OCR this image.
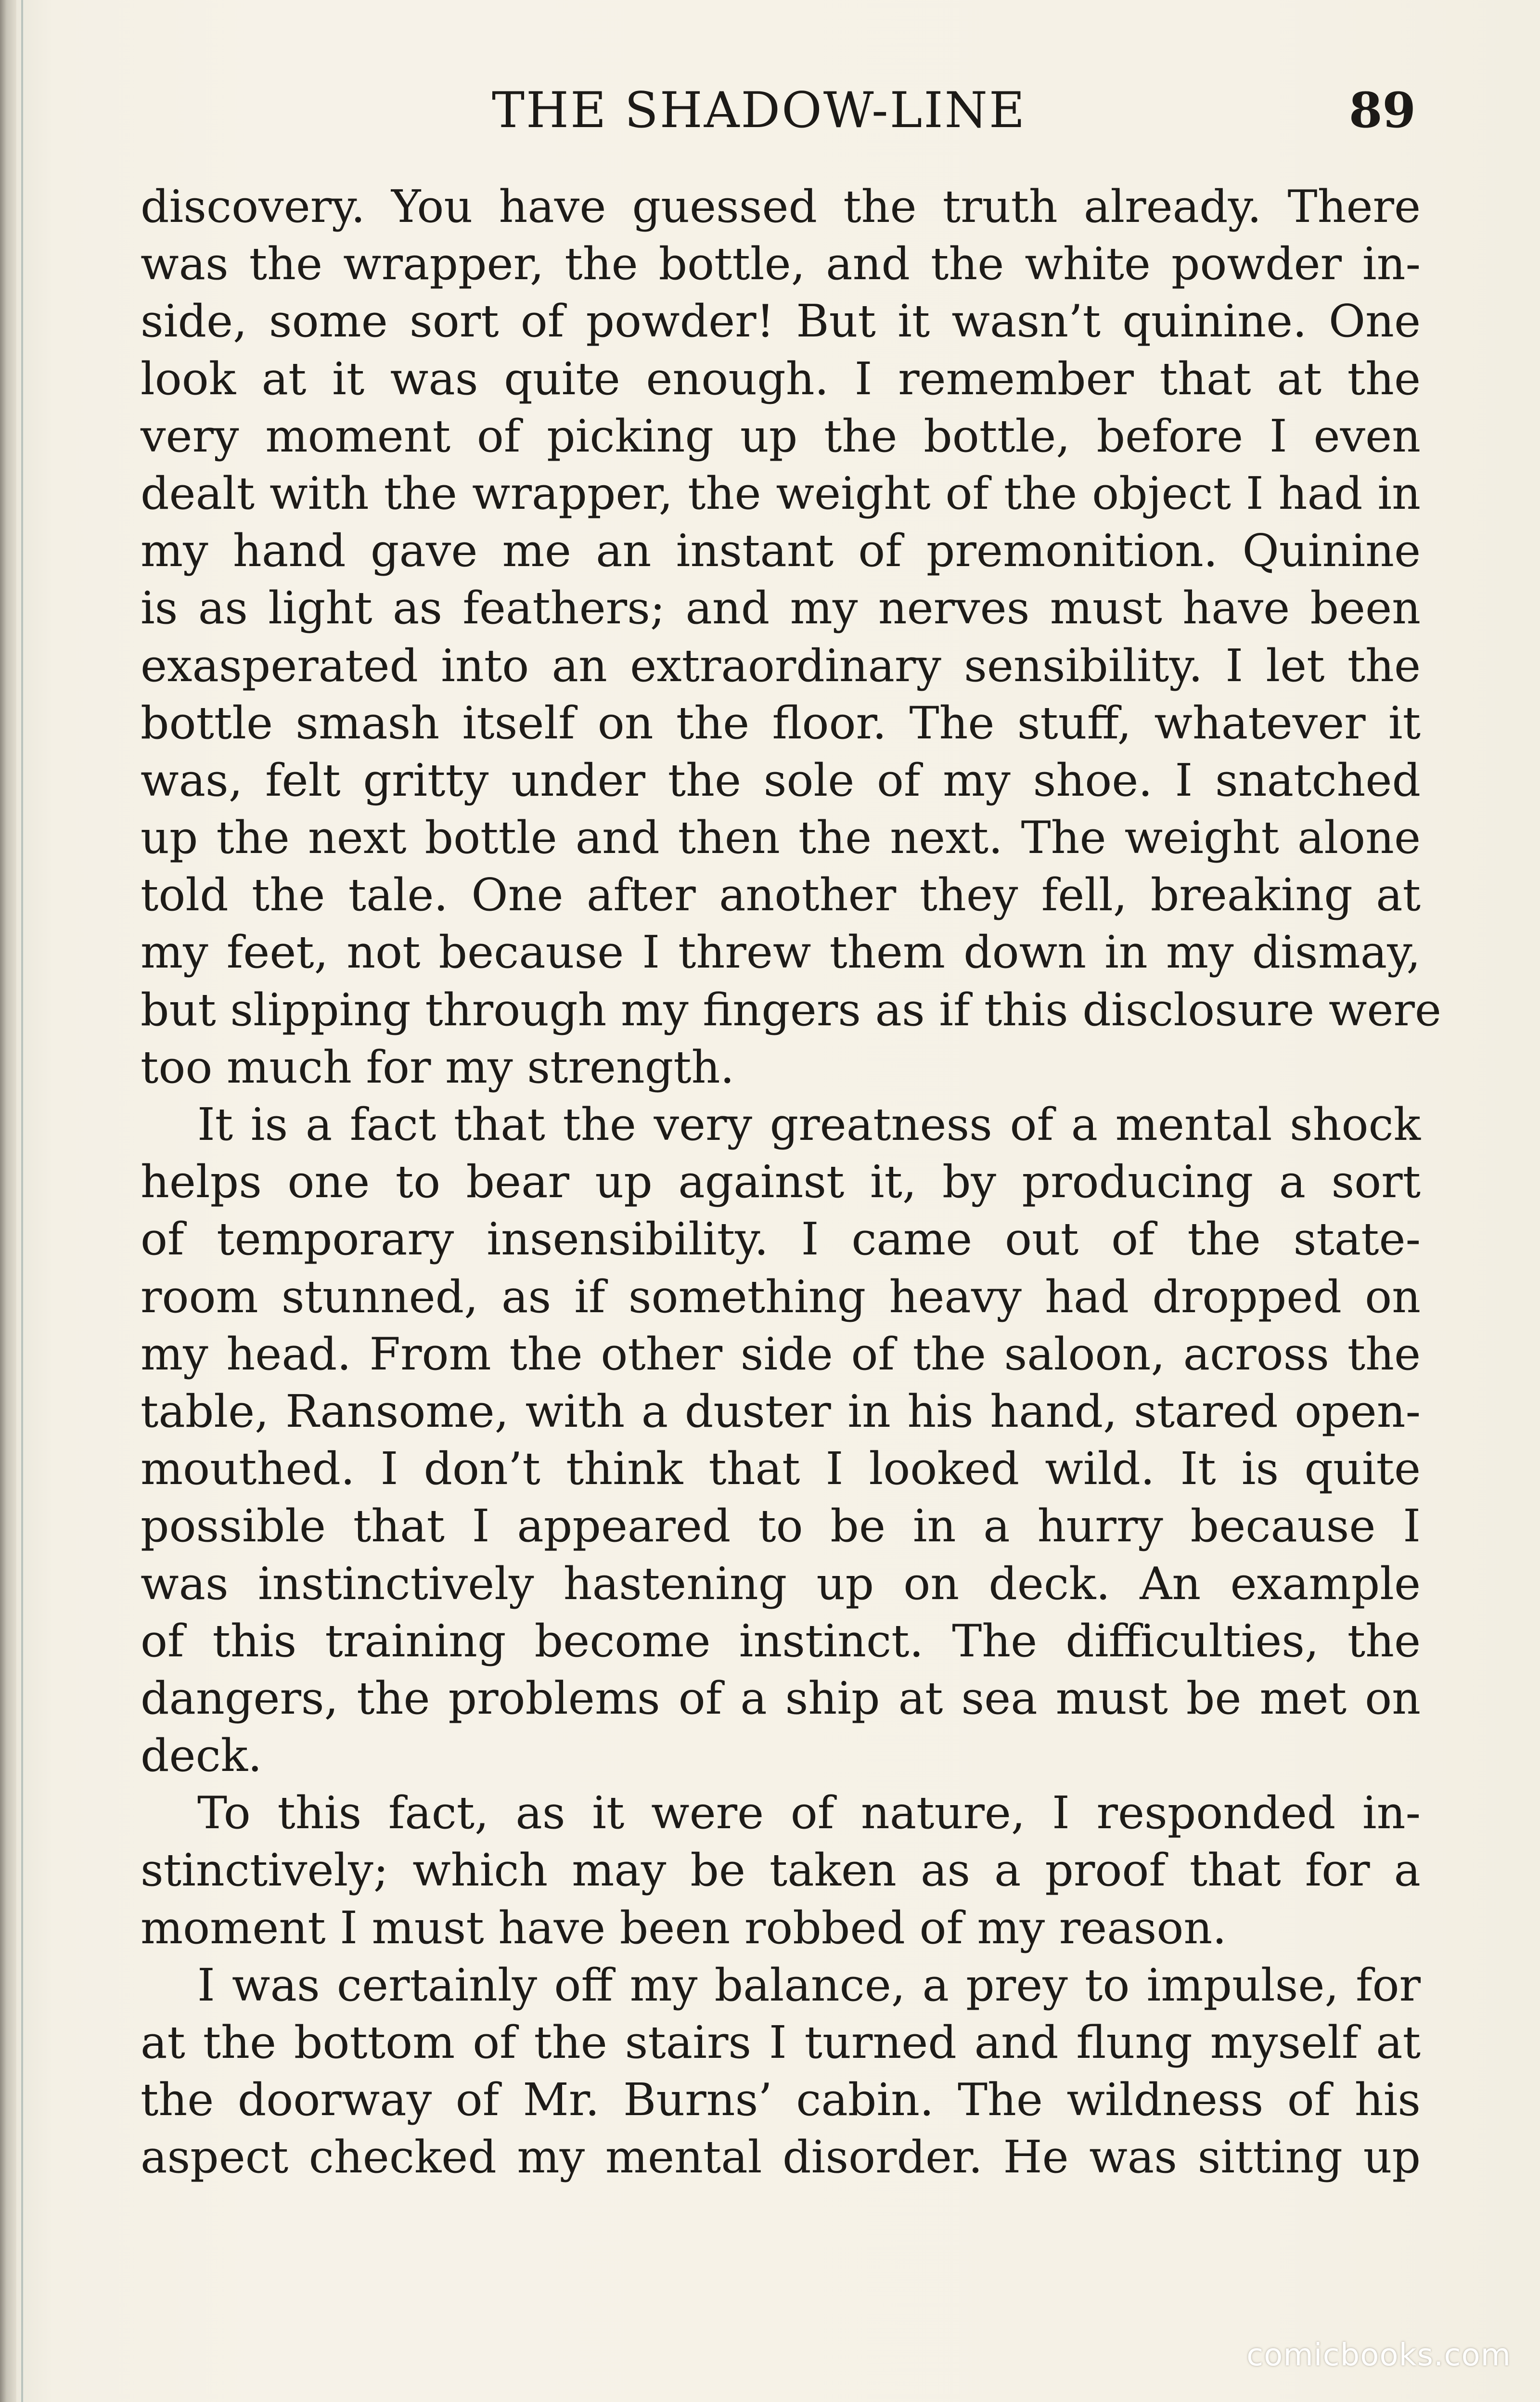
THE SHADOW-LINE	89
discovery. You have guessed the truth already. There
was the wrapper, the bottle, and the white powder in-
side, some sort of powder! But it wasn’t quinine. One
look at it was quite enough. I remember that at the
very moment of picking up the bottle, before I even
dealt with the wrapper, the weight of the object I had in
my hand gave me an instant of premonition. Quinine
is as light as feathers; and my nerves must have been
exasperated into an extraordinary sensibility. I let the
bottle smash itself on the floor. The stuff, whatever it
was, felt gritty under the sole of my shoe. I snatched
up the next bottle and then the next. The weight alone
told the tale. One after another they fell, breaking at
my feet, not because I threw them down in my dismay,
but slipping through my fingers as if this disclosure were
too much for my strength.
It is a fact that the very greatness of a mental shock
helps one to bear up against it, by producing a sort
of temporary insensibility. I came out of the state-
room stunned, as if something heavy had dropped on
my head. From the other side of the saloon, across the
table, Ransome, with a duster in his hand, stared open-
mouthed. I don’t think that I looked wild. It is quite
possible that I appeared to be in a hurry because I
was instinctively hastening up on deck. An example
of this training become instinct. The difficulties, the
dangers, the problems of a ship at sea must be met on
deck.
To this fact, as it were of nature, I responded in-
stinctively; which may be taken as a proof that for a
moment I must have been robbed of my reason.
I was certainly off my balance, a prey to impulse, for
at the bottom of the stairs I turned and flung myself at
the doorway of Mr. Burns’ cabin. The wildness of his
aspect checked my mental disorder. He was sitting up
comicbooks.com
